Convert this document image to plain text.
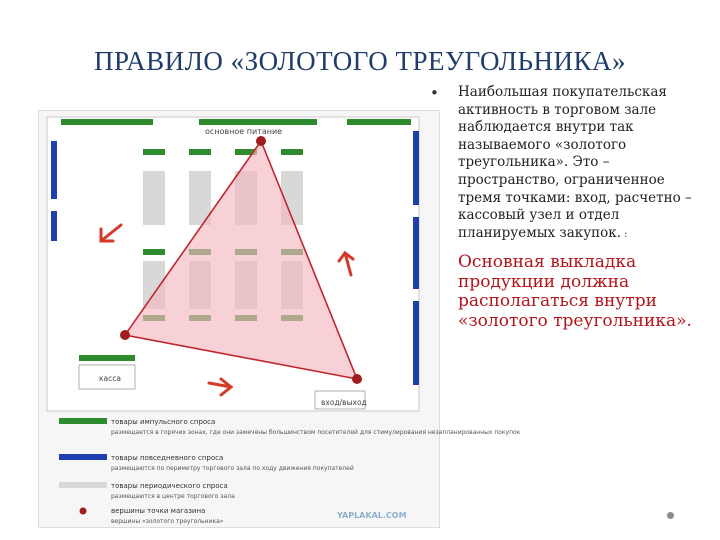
ПРАВИЛО «ЗОЛОТОГО ТРЕУГОЛЬНИКА»
основное питание
касса
вход/выход
товары импульсного спроса
размещается в горячих зонах, где они замечены большинством посетителей для стимулирования незапланированных покупок
товары повседневного спроса
размещаются по периметру торгового зала по ходу движения покупателей
товары периодического спроса
размещаются в центре торгового зала
вершины точки магазина
вершины «золотого треугольника»
YAPLAKAL.COM
• Наибольшая покупательская активность в торговом зале наблюдается внутри так называемого «золотого треугольника». Это – пространство, ограниченное тремя точками: вход, расчетно – кассовый узел и отдел планируемых закупок. :

Основная выкладка продукции должна располагаться внутри «золотого треугольника».
